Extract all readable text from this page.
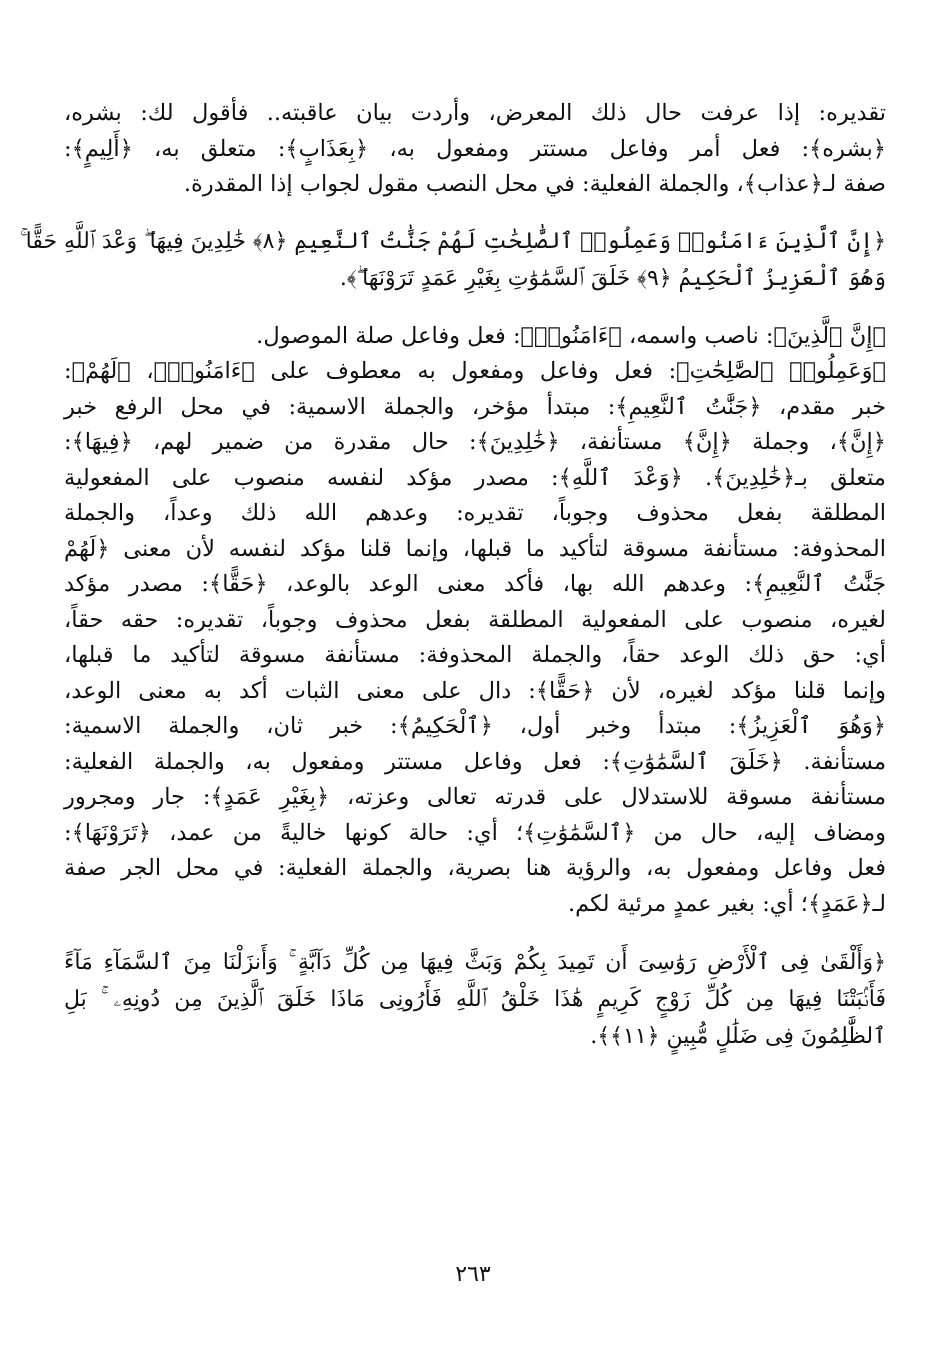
تقديره: إذا عرفت حال ذلك المعرض، وأردت بيان عاقبته.. فأقول لك: بشره،
﴿بشره﴾: فعل أمر وفاعل مستتر ومفعول به، ﴿بِعَذَابٍ﴾: متعلق به، ﴿أَلِيمٍ﴾:
صفة لـ﴿عذاب﴾، والجملة الفعلية: في محل النصب مقول لجواب إذا المقدرة.
﴿إِنَّ ٱلَّذِينَ ءَامَنُوا۟ وَعَمِلُوا۟ ٱلصَّٰلِحَٰتِ لَهُمْ جَنَّٰتُ ٱلنَّعِيمِ ﴿٨﴾ خَٰلِدِينَ فِيهَا ۖ وَعْدَ ٱللَّهِ حَقًّا ۚ
وَهُوَ ٱلْعَزِيزُ ٱلْحَكِيمُ ﴿٩﴾ خَلَقَ ٱلسَّمَٰوَٰتِ بِغَيْرِ عَمَدٍ تَرَوْنَهَا ۖ﴾.
﴿إِنَّ ٱلَّذِينَ﴾: ناصب واسمه، ﴿ءَامَنُوا۟﴾: فعل وفاعل صلة الموصول.
﴿وَعَمِلُوا۟ ٱلصَّٰلِحَٰتِ﴾: فعل وفاعل ومفعول به معطوف على ﴿ءَامَنُوا۟﴾، ﴿لَهُمْ﴾:
خبر مقدم، ﴿جَنَّٰتُ ٱلنَّعِيمِ﴾: مبتدأ مؤخر، والجملة الاسمية: في محل الرفع خبر
﴿إِنَّ﴾، وجملة ﴿إِنَّ﴾ مستأنفة، ﴿خَٰلِدِينَ﴾: حال مقدرة من ضمير لهم، ﴿فِيهَا﴾:
متعلق بـ﴿خَٰلِدِينَ﴾. ﴿وَعْدَ ٱللَّهِ﴾: مصدر مؤكد لنفسه منصوب على المفعولية
المطلقة بفعل محذوف وجوباً، تقديره: وعدهم الله ذلك وعداً، والجملة
المحذوفة: مستأنفة مسوقة لتأكيد ما قبلها، وإنما قلنا مؤكد لنفسه لأن معنى ﴿لَهُمْ
جَنَّٰتُ ٱلنَّعِيمِ﴾: وعدهم الله بها، فأكد معنى الوعد بالوعد، ﴿حَقًّا﴾: مصدر مؤكد
لغيره، منصوب على المفعولية المطلقة بفعل محذوف وجوباً، تقديره: حقه حقاً،
أي: حق ذلك الوعد حقاً، والجملة المحذوفة: مستأنفة مسوقة لتأكيد ما قبلها،
وإنما قلنا مؤكد لغيره، لأن ﴿حَقًّا﴾: دال على معنى الثبات أكد به معنى الوعد،
﴿وَهُوَ ٱلْعَزِيزُ﴾: مبتدأ وخبر أول، ﴿ٱلْحَكِيمُ﴾: خبر ثان، والجملة الاسمية:
مستأنفة. ﴿خَلَقَ ٱلسَّمَٰوَٰتِ﴾: فعل وفاعل مستتر ومفعول به، والجملة الفعلية:
مستأنفة مسوقة للاستدلال على قدرته تعالى وعزته، ﴿بِغَيْرِ عَمَدٍ﴾: جار ومجرور
ومضاف إليه، حال من ﴿ٱلسَّمَٰوَٰتِ﴾؛ أي: حالة كونها خاليةً من عمد، ﴿تَرَوْنَهَا﴾:
فعل وفاعل ومفعول به، والرؤية هنا بصرية، والجملة الفعلية: في محل الجر صفة
لـ﴿عَمَدٍ﴾؛ أي: بغير عمدٍ مرئية لكم.
﴿وَأَلْقَىٰ فِى ٱلْأَرْضِ رَوَٰسِىَ أَن تَمِيدَ بِكُمْ وَبَثَّ فِيهَا مِن كُلِّ دَآبَّةٍ ۚ وَأَنزَلْنَا مِنَ ٱلسَّمَآءِ مَآءً
فَأَنۢبَتْنَا فِيهَا مِن كُلِّ زَوْجٍ كَرِيمٍ هَٰذَا خَلْقُ ٱللَّهِ فَأَرُونِى مَاذَا خَلَقَ ٱلَّذِينَ مِن دُونِهِۦ ۚ بَلِ
ٱلظَّٰلِمُونَ فِى ضَلَٰلٍ مُّبِينٍ ﴿١١﴾﴾.
٢٦٣
